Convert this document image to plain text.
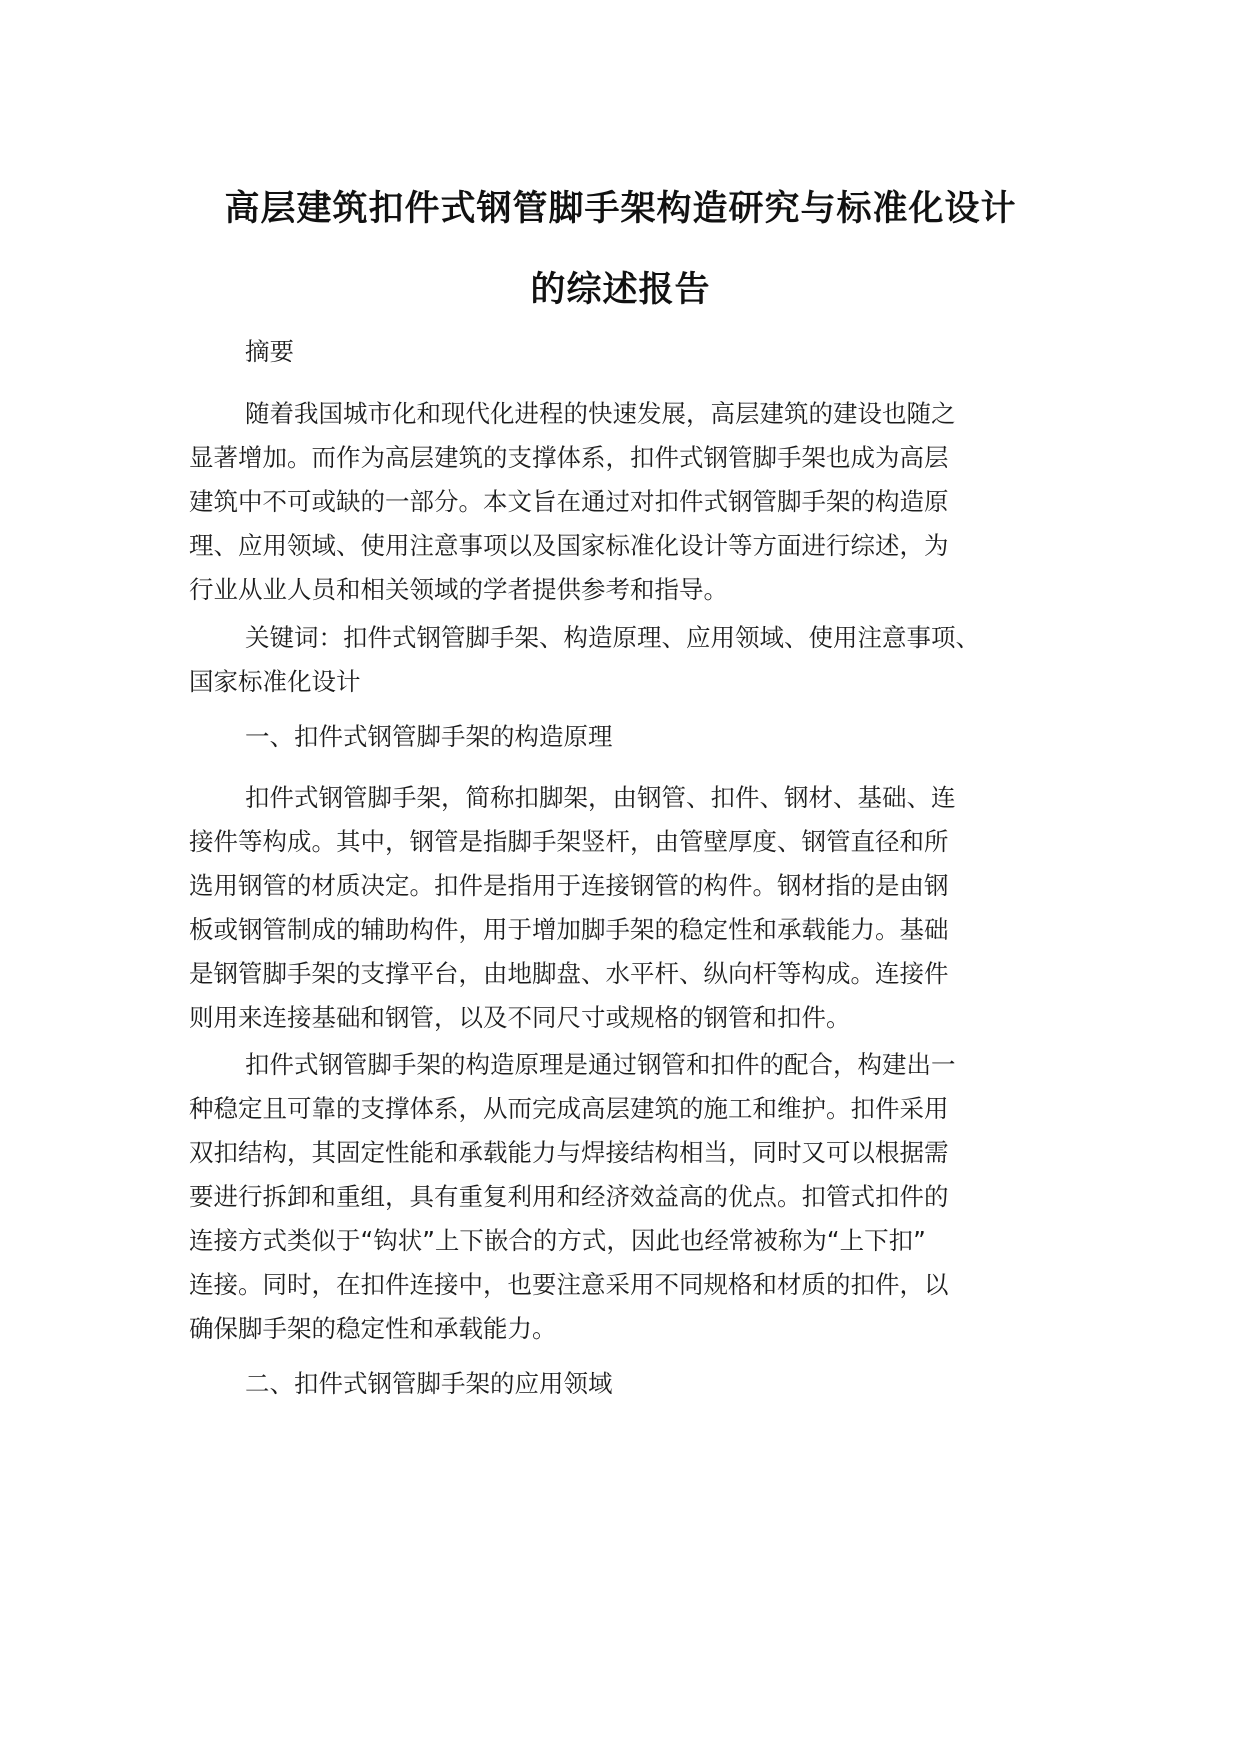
高层建筑扣件式钢管脚手架构造研究与标准化设计
的综述报告
摘要
随着我国城市化和现代化进程的快速发展，高层建筑的建设也随之
显著增加。而作为高层建筑的支撑体系，扣件式钢管脚手架也成为高层
建筑中不可或缺的一部分。本文旨在通过对扣件式钢管脚手架的构造原
理、应用领域、使用注意事项以及国家标准化设计等方面进行综述，为
行业从业人员和相关领域的学者提供参考和指导。
关键词：扣件式钢管脚手架、构造原理、应用领域、使用注意事项、
国家标准化设计
一、扣件式钢管脚手架的构造原理
扣件式钢管脚手架，简称扣脚架，由钢管、扣件、钢材、基础、连
接件等构成。其中，钢管是指脚手架竖杆，由管壁厚度、钢管直径和所
选用钢管的材质决定。扣件是指用于连接钢管的构件。钢材指的是由钢
板或钢管制成的辅助构件，用于增加脚手架的稳定性和承载能力。基础
是钢管脚手架的支撑平台，由地脚盘、水平杆、纵向杆等构成。连接件
则用来连接基础和钢管，以及不同尺寸或规格的钢管和扣件。
扣件式钢管脚手架的构造原理是通过钢管和扣件的配合，构建出一
种稳定且可靠的支撑体系，从而完成高层建筑的施工和维护。扣件采用
双扣结构，其固定性能和承载能力与焊接结构相当，同时又可以根据需
要进行拆卸和重组，具有重复利用和经济效益高的优点。扣管式扣件的
连接方式类似于“钩状”上下嵌合的方式，因此也经常被称为“上下扣”
连接。同时，在扣件连接中，也要注意采用不同规格和材质的扣件，以
确保脚手架的稳定性和承载能力。
二、扣件式钢管脚手架的应用领域
